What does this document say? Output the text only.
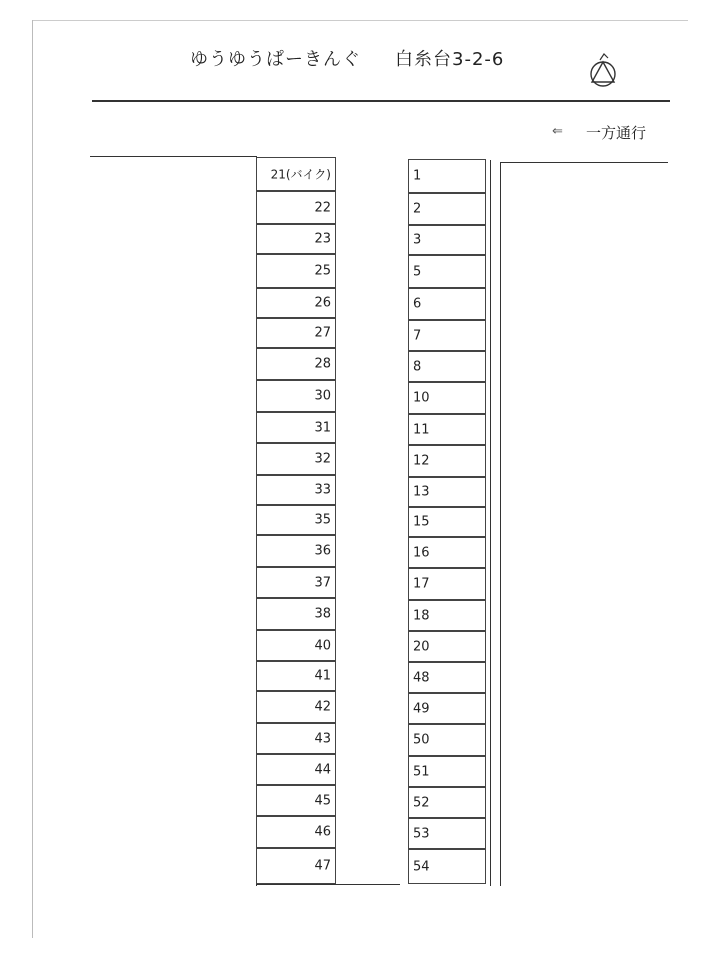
ゆうゆうぱーきんぐ 白糸台3-2-6
⇐ 一方通行
21(バイク)
22
23
25
26
27
28
30
31
32
33
35
36
37
38
40
41
42
43
44
45
46
47
1
2
3
5
6
7
8
10
11
12
13
15
16
17
18
20
48
49
50
51
52
53
54
